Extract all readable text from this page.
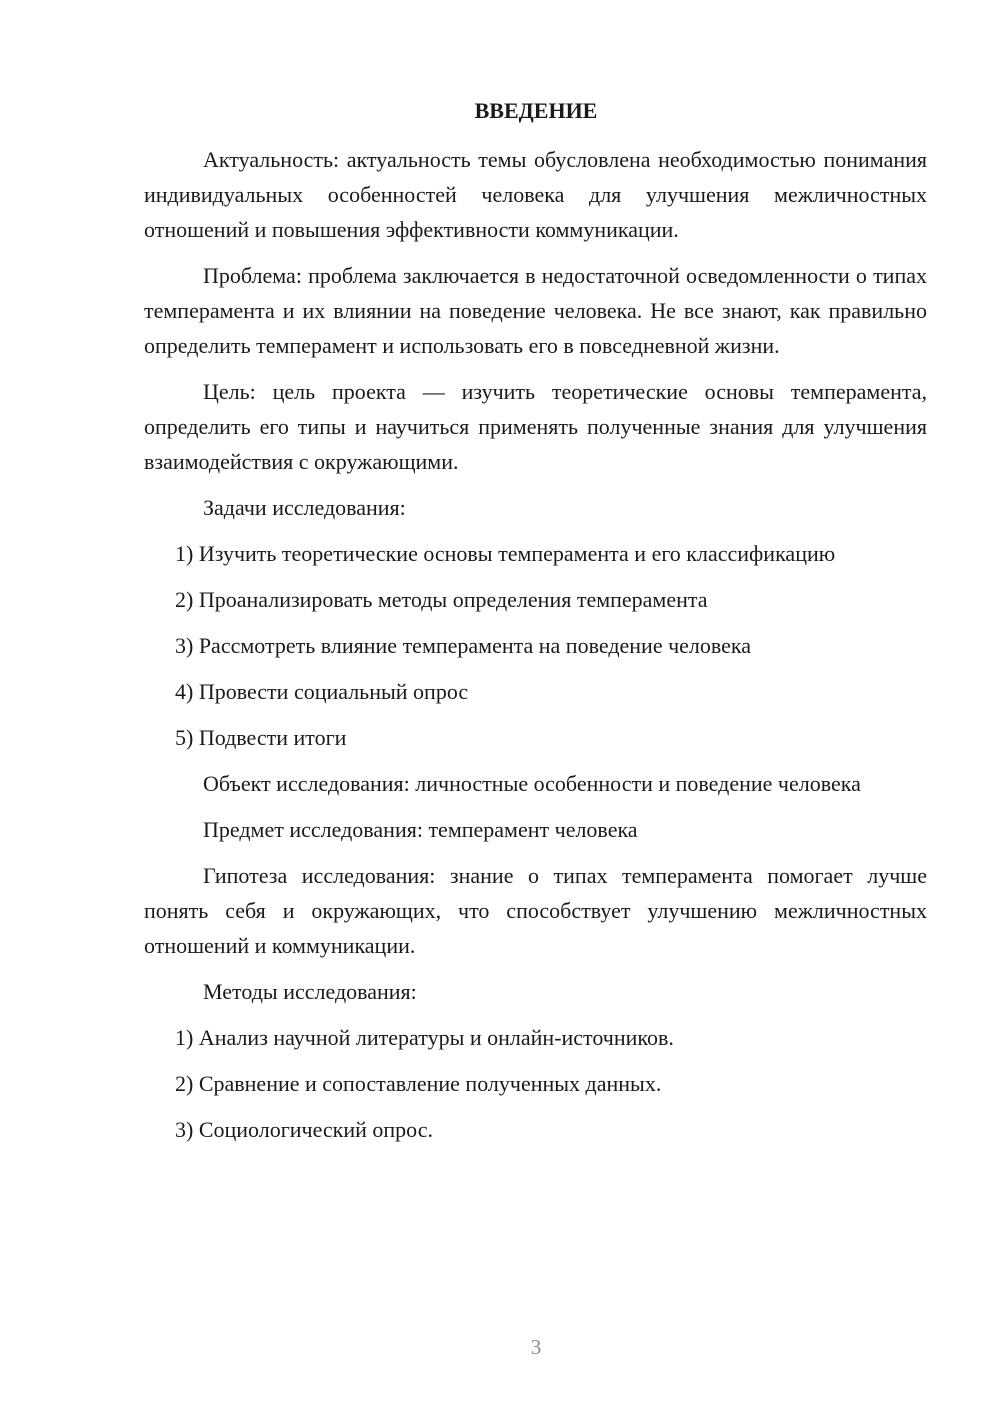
ВВЕДЕНИЕ

Актуальность: актуальность темы обусловлена необходимостью понимания индивидуальных особенностей человека для улучшения межличностных отношений и повышения эффективности коммуникации.

Проблема: проблема заключается в недостаточной осведомленности о типах темперамента и их влиянии на поведение человека. Не все знают, как правильно определить темперамент и использовать его в повседневной жизни.

Цель: цель проекта — изучить теоретические основы темперамента, определить его типы и научиться применять полученные знания для улучшения взаимодействия с окружающими.

Задачи исследования:

1) Изучить теоретические основы темперамента и его классификацию

2) Проанализировать методы определения темперамента

3) Рассмотреть влияние темперамента на поведение человека

4) Провести социальный опрос

5) Подвести итоги

Объект исследования: личностные особенности и поведение человека

Предмет исследования: темперамент человека

Гипотеза исследования: знание о типах темперамента помогает лучше понять себя и окружающих, что способствует улучшению межличностных отношений и коммуникации.

Методы исследования:

1) Анализ научной литературы и онлайн-источников.

2) Сравнение и сопоставление полученных данных.

3) Социологический опрос.

3
